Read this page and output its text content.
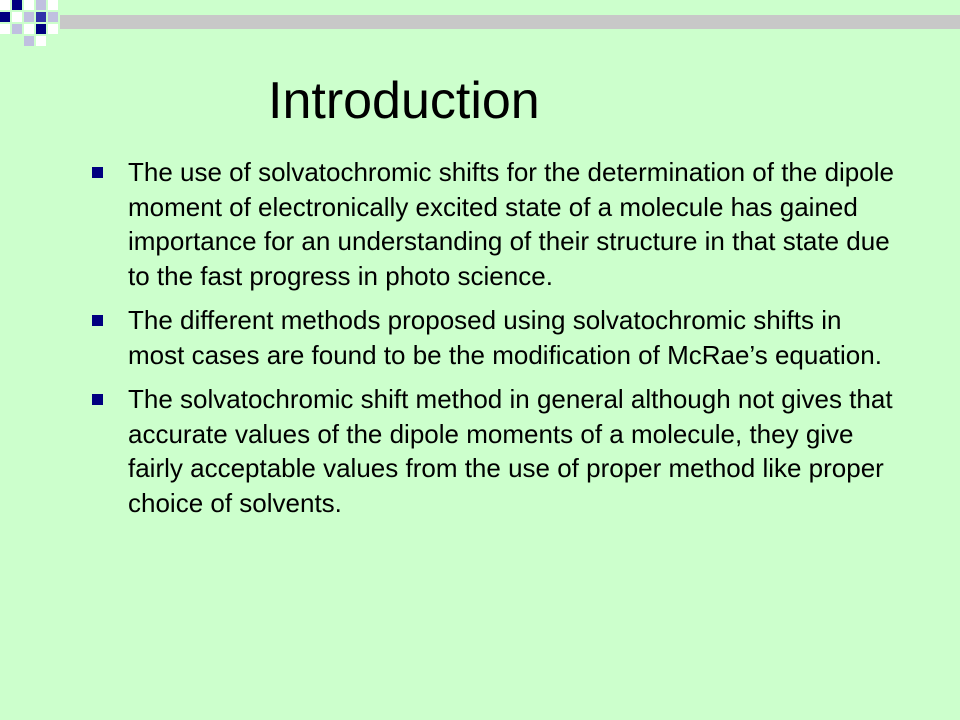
Introduction
The use of solvatochromic shifts for the determination of the dipole moment of electronically excited state of a molecule has gained importance for an understanding of their structure in that state due to the fast progress in photo science.
The different methods proposed using solvatochromic shifts in most cases are found to be the modification of McRae’s equation.
The solvatochromic shift method in general although not gives that accurate values of the dipole moments of a molecule, they give fairly acceptable values from the use of proper method like proper choice of solvents.
